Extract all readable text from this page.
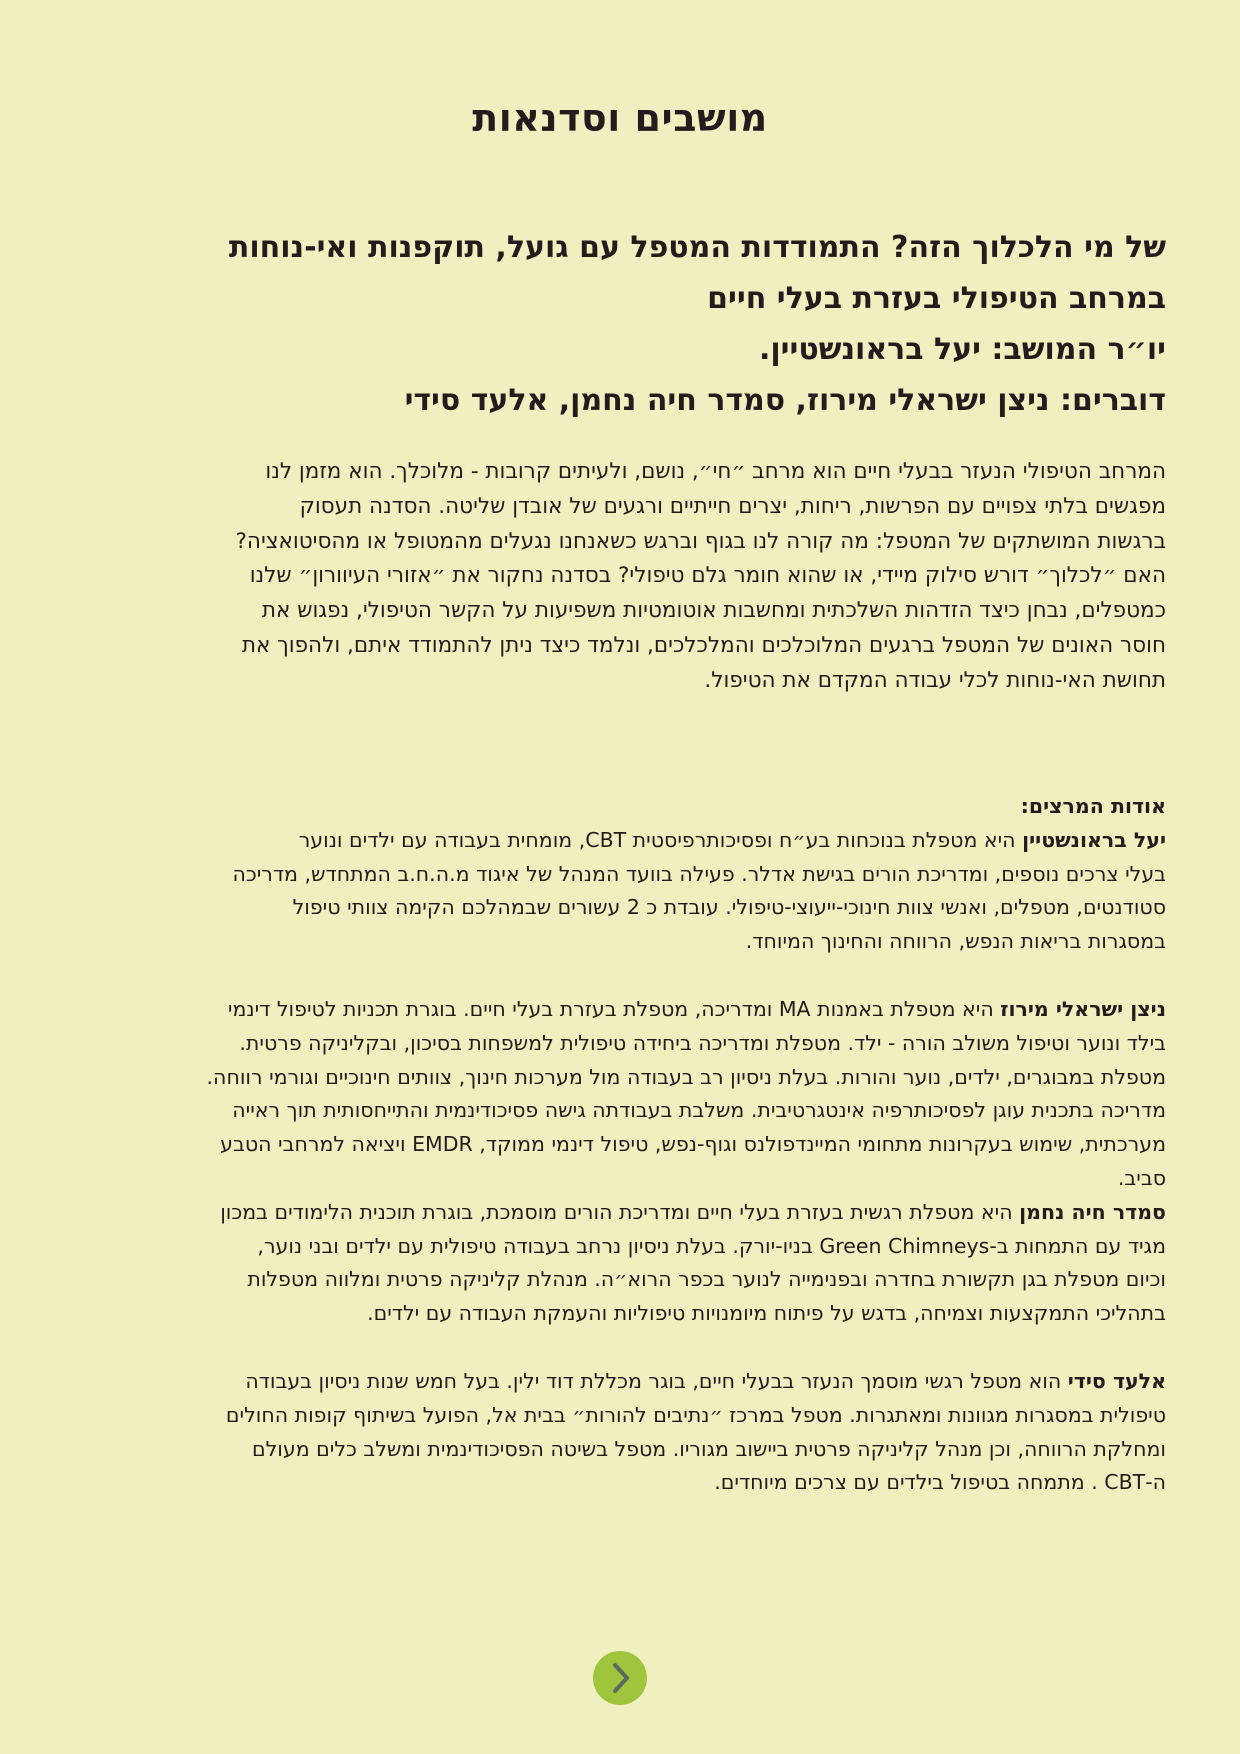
מושבים וסדנאות
של מי הלכלוך הזה? התמודדות המטפל עם גועל, תוקפנות ואי-נוחות
במרחב הטיפולי בעזרת בעלי חיים
יו״ר המושב: יעל בראונשטיין.
דוברים: ניצן ישראלי מירוז, סמדר חיה נחמן, אלעד סידי
המרחב הטיפולי הנעזר בבעלי חיים הוא מרחב ״חי״, נושם, ולעיתים קרובות - מלוכלך. הוא מזמן לנו
מפגשים בלתי צפויים עם הפרשות, ריחות, יצרים חייתיים ורגעים של אובדן שליטה. הסדנה תעסוק
ברגשות המושתקים של המטפל: מה קורה לנו בגוף וברגש כשאנחנו נגעלים מהמטופל או מהסיטואציה?
האם ״לכלוך״ דורש סילוק מיידי, או שהוא חומר גלם טיפולי? בסדנה נחקור את ״אזורי העיוורון״ שלנו
כמטפלים, נבחן כיצד הזדהות השלכתית ומחשבות אוטומטיות משפיעות על הקשר הטיפולי, נפגוש את
חוסר האונים של המטפל ברגעים המלוכלכים והמלכלכים, ונלמד כיצד ניתן להתמודד איתם, ולהפוך את
תחושת האי-נוחות לכלי עבודה המקדם את הטיפול.
אודות המרצים:
יעל בראונשטיין היא מטפלת בנוכחות בע״ח ופסיכותרפיסטית CBT, מומחית בעבודה עם ילדים ונוער
בעלי צרכים נוספים, ומדריכת הורים בגישת אדלר. פעילה בוועד המנהל של איגוד מ.ה.ח.ב המתחדש, מדריכה
סטודנטים, מטפלים, ואנשי צוות חינוכי-ייעוצי-טיפולי. עובדת כ 2 עשורים שבמהלכם הקימה צוותי טיפול
במסגרות בריאות הנפש, הרווחה והחינוך המיוחד.
ניצן ישראלי מירוז היא מטפלת באמנות MA ומדריכה, מטפלת בעזרת בעלי חיים. בוגרת תכניות לטיפול דינמי
בילד ונוער וטיפול משולב הורה - ילד. מטפלת ומדריכה ביחידה טיפולית למשפחות בסיכון, ובקליניקה פרטית.
מטפלת במבוגרים, ילדים, נוער והורות. בעלת ניסיון רב בעבודה מול מערכות חינוך, צוותים חינוכיים וגורמי רווחה.
מדריכה בתכנית עוגן לפסיכותרפיה אינטגרטיבית. משלבת בעבודתה גישה פסיכודינמית והתייחסותית תוך ראייה
מערכתית, שימוש בעקרונות מתחומי המיינדפולנס וגוף-נפש, טיפול דינמי ממוקד, EMDR ויציאה למרחבי הטבע
סביב.
סמדר חיה נחמן היא מטפלת רגשית בעזרת בעלי חיים ומדריכת הורים מוסמכת, בוגרת תוכנית הלימודים במכון
מגיד עם התמחות ב-Green Chimneys בניו-יורק. בעלת ניסיון נרחב בעבודה טיפולית עם ילדים ובני נוער,
וכיום מטפלת בגן תקשורת בחדרה ובפנימייה לנוער בכפר הרוא״ה. מנהלת קליניקה פרטית ומלווה מטפלות
בתהליכי התמקצעות וצמיחה, בדגש על פיתוח מיומנויות טיפוליות והעמקת העבודה עם ילדים.
אלעד סידי הוא מטפל רגשי מוסמך הנעזר בבעלי חיים, בוגר מכללת דוד ילין. בעל חמש שנות ניסיון בעבודה
טיפולית במסגרות מגוונות ומאתגרות. מטפל במרכז ״נתיבים להורות״ בבית אל, הפועל בשיתוף קופות החולים
ומחלקת הרווחה, וכן מנהל קליניקה פרטית ביישוב מגוריו. מטפל בשיטה הפסיכודינמית ומשלב כלים מעולם
ה-CBT . מתמחה בטיפול בילדים עם צרכים מיוחדים.
